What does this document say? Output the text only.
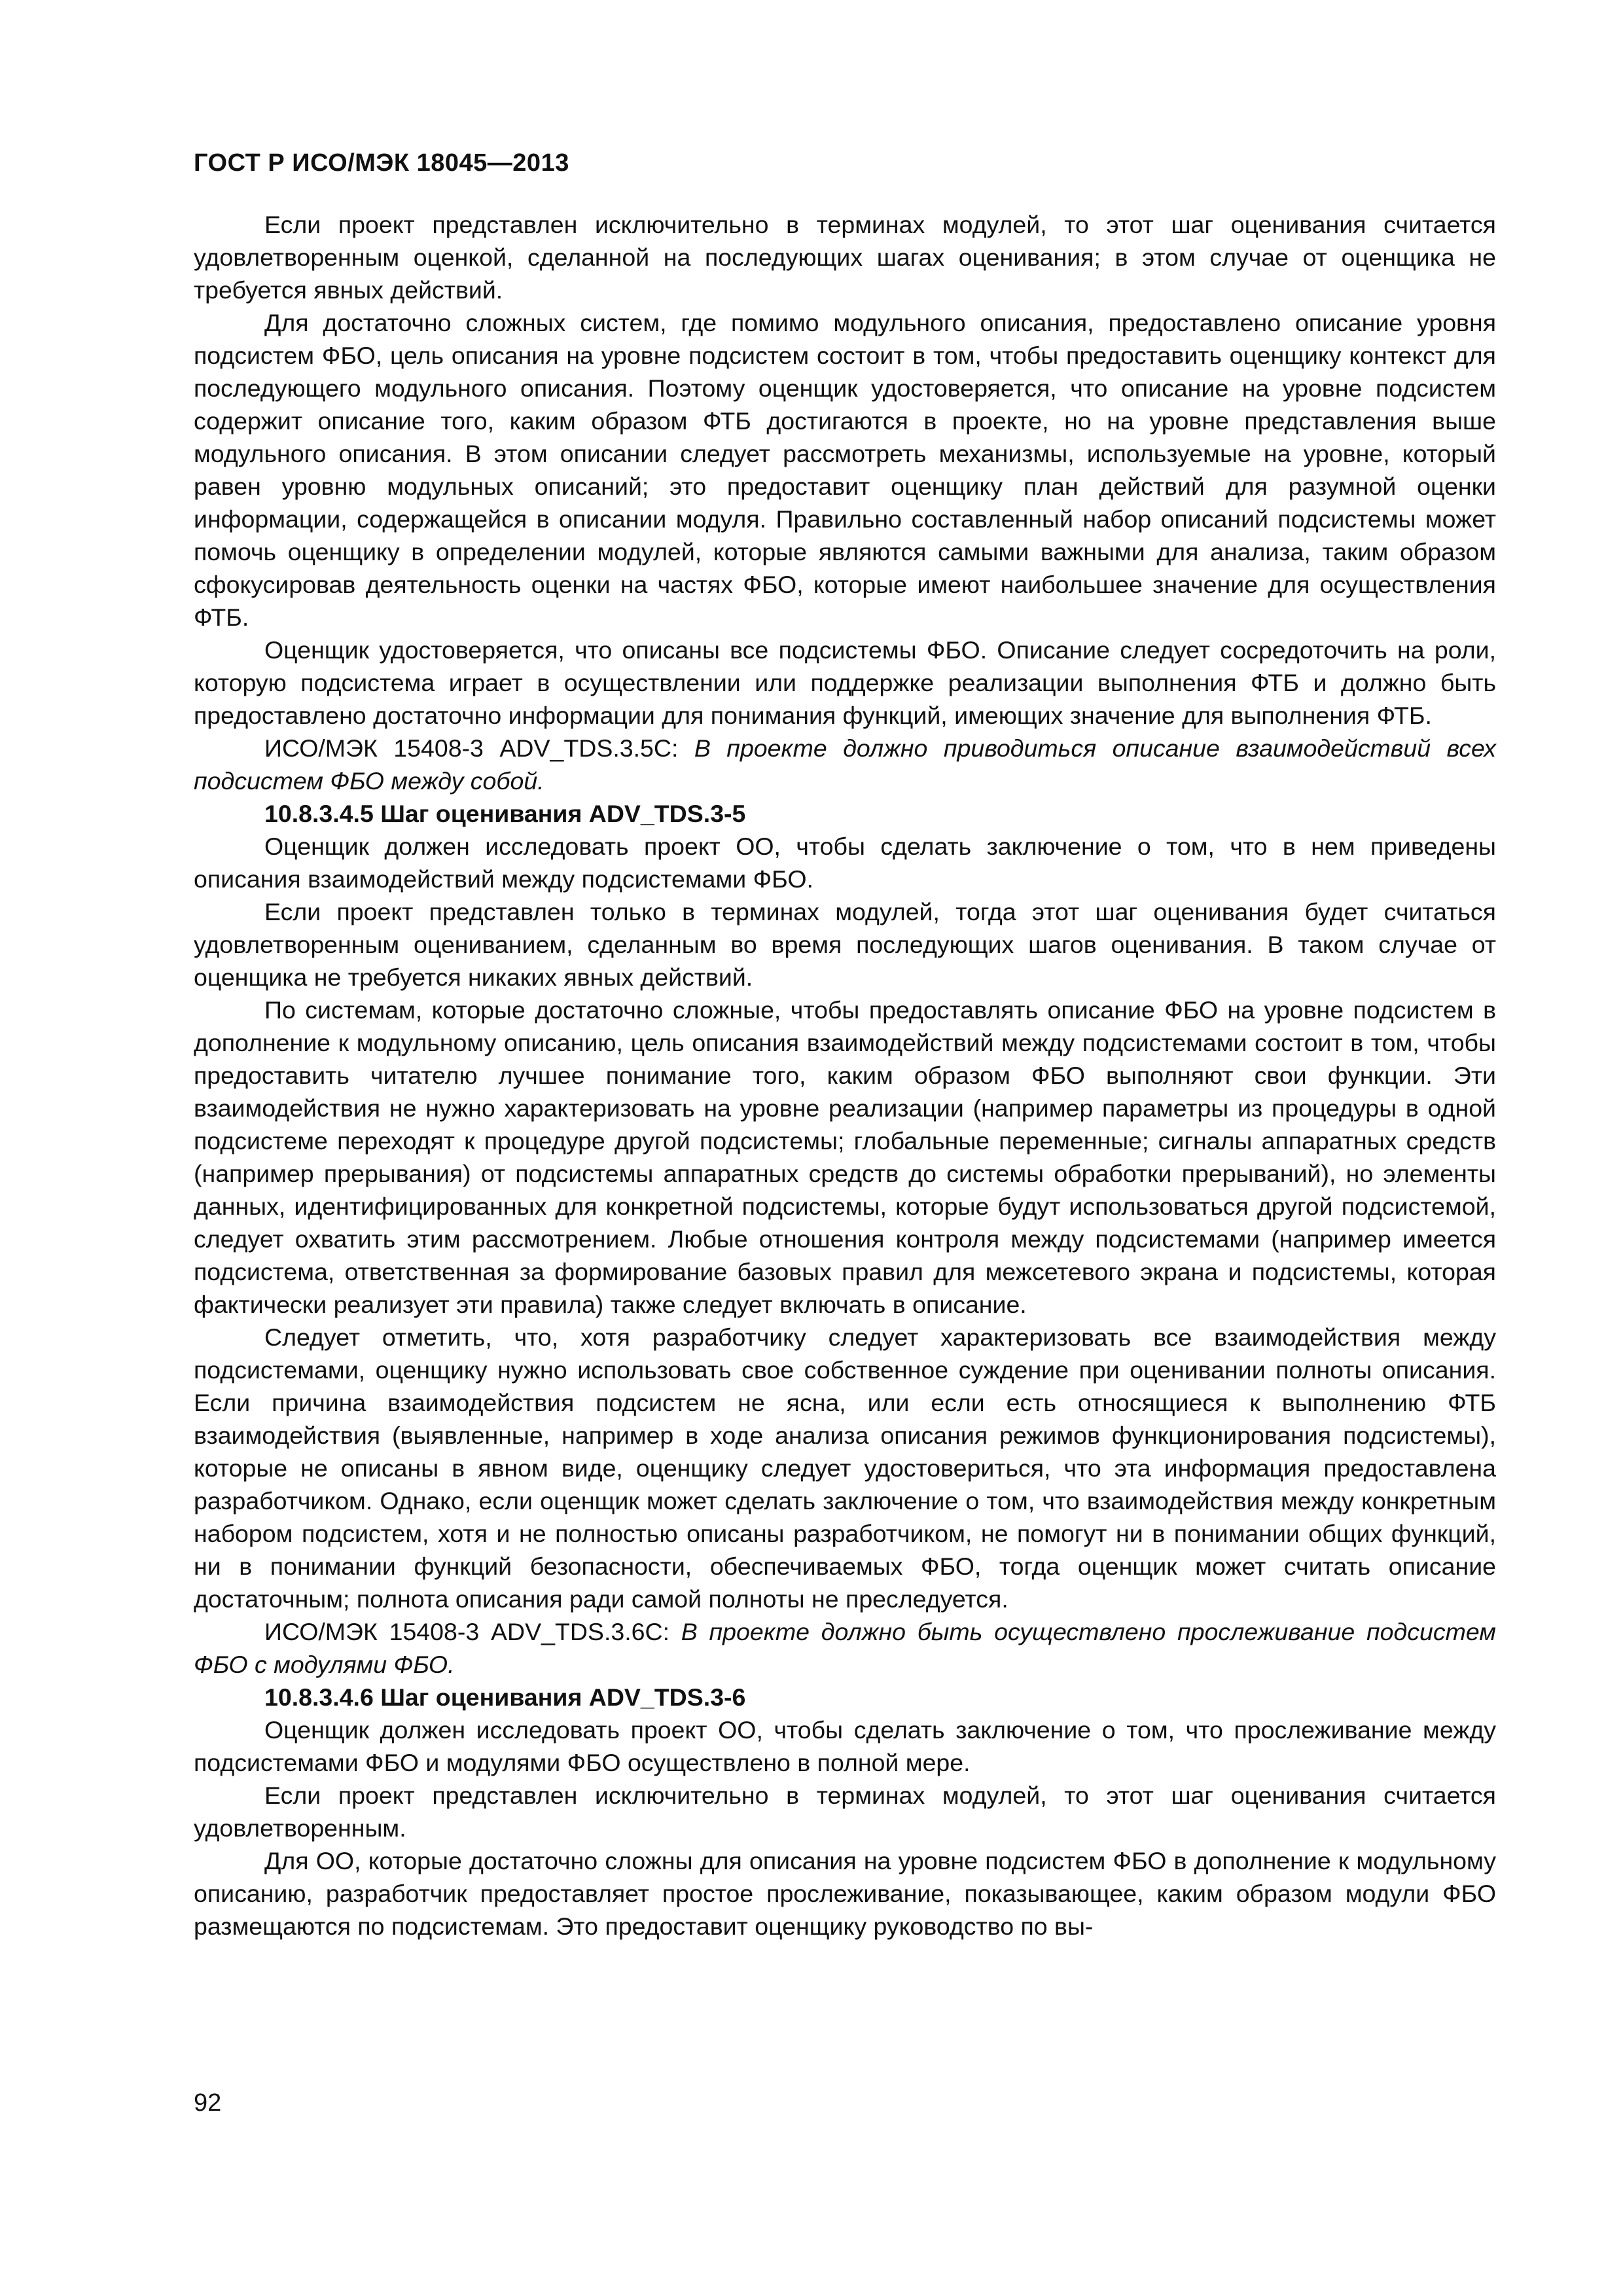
ГОСТ Р ИСО/МЭК 18045—2013

Если проект представлен исключительно в терминах модулей, то этот шаг оценивания считается удовлетворенным оценкой, сделанной на последующих шагах оценивания; в этом случае от оценщика не требуется явных действий.

Для достаточно сложных систем, где помимо модульного описания, предоставлено описание уровня подсистем ФБО, цель описания на уровне подсистем состоит в том, чтобы предоставить оценщику контекст для последующего модульного описания. Поэтому оценщик удостоверяется, что описание на уровне подсистем содержит описание того, каким образом ФТБ достигаются в проекте, но на уровне представления выше модульного описания. В этом описании следует рассмотреть механизмы, используемые на уровне, который равен уровню модульных описаний; это предоставит оценщику план действий для разумной оценки информации, содержащейся в описании модуля. Правильно составленный набор описаний подсистемы может помочь оценщику в определении модулей, которые являются самыми важными для анализа, таким образом сфокусировав деятельность оценки на частях ФБО, которые имеют наибольшее значение для осуществления ФТБ.

Оценщик удостоверяется, что описаны все подсистемы ФБО. Описание следует сосредоточить на роли, которую подсистема играет в осуществлении или поддержке реализации выполнения ФТБ и должно быть предоставлено достаточно информации для понимания функций, имеющих значение для выполнения ФТБ.

ИСО/МЭК 15408-3 ADV_TDS.3.5C: В проекте должно приводиться описание взаимодействий всех подсистем ФБО между собой.

10.8.3.4.5 Шаг оценивания ADV_TDS.3-5

Оценщик должен исследовать проект ОО, чтобы сделать заключение о том, что в нем приведены описания взаимодействий между подсистемами ФБО.

Если проект представлен только в терминах модулей, тогда этот шаг оценивания будет считаться удовлетворенным оцениванием, сделанным во время последующих шагов оценивания. В таком случае от оценщика не требуется никаких явных действий.

По системам, которые достаточно сложные, чтобы предоставлять описание ФБО на уровне подсистем в дополнение к модульному описанию, цель описания взаимодействий между подсистемами состоит в том, чтобы предоставить читателю лучшее понимание того, каким образом ФБО выполняют свои функции. Эти взаимодействия не нужно характеризовать на уровне реализации (например параметры из процедуры в одной подсистеме переходят к процедуре другой подсистемы; глобальные переменные; сигналы аппаратных средств (например прерывания) от подсистемы аппаратных средств до системы обработки прерываний), но элементы данных, идентифицированных для конкретной подсистемы, которые будут использоваться другой подсистемой, следует охватить этим рассмотрением. Любые отношения контроля между подсистемами (например имеется подсистема, ответственная за формирование базовых правил для межсетевого экрана и подсистемы, которая фактически реализует эти правила) также следует включать в описание.

Следует отметить, что, хотя разработчику следует характеризовать все взаимодействия между подсистемами, оценщику нужно использовать свое собственное суждение при оценивании полноты описания. Если причина взаимодействия подсистем не ясна, или если есть относящиеся к выполнению ФТБ взаимодействия (выявленные, например в ходе анализа описания режимов функционирования подсистемы), которые не описаны в явном виде, оценщику следует удостовериться, что эта информация предоставлена разработчиком. Однако, если оценщик может сделать заключение о том, что взаимодействия между конкретным набором подсистем, хотя и не полностью описаны разработчиком, не помогут ни в понимании общих функций, ни в понимании функций безопасности, обеспечиваемых ФБО, тогда оценщик может считать описание достаточным; полнота описания ради самой полноты не преследуется.

ИСО/МЭК 15408-3 ADV_TDS.3.6C: В проекте должно быть осуществлено прослеживание подсистем ФБО с модулями ФБО.

10.8.3.4.6 Шаг оценивания ADV_TDS.3-6

Оценщик должен исследовать проект ОО, чтобы сделать заключение о том, что прослеживание между подсистемами ФБО и модулями ФБО осуществлено в полной мере.

Если проект представлен исключительно в терминах модулей, то этот шаг оценивания считается удовлетворенным.

Для ОО, которые достаточно сложны для описания на уровне подсистем ФБО в дополнение к модульному описанию, разработчик предоставляет простое прослеживание, показывающее, каким образом модули ФБО размещаются по подсистемам. Это предоставит оценщику руководство по вы-

92
